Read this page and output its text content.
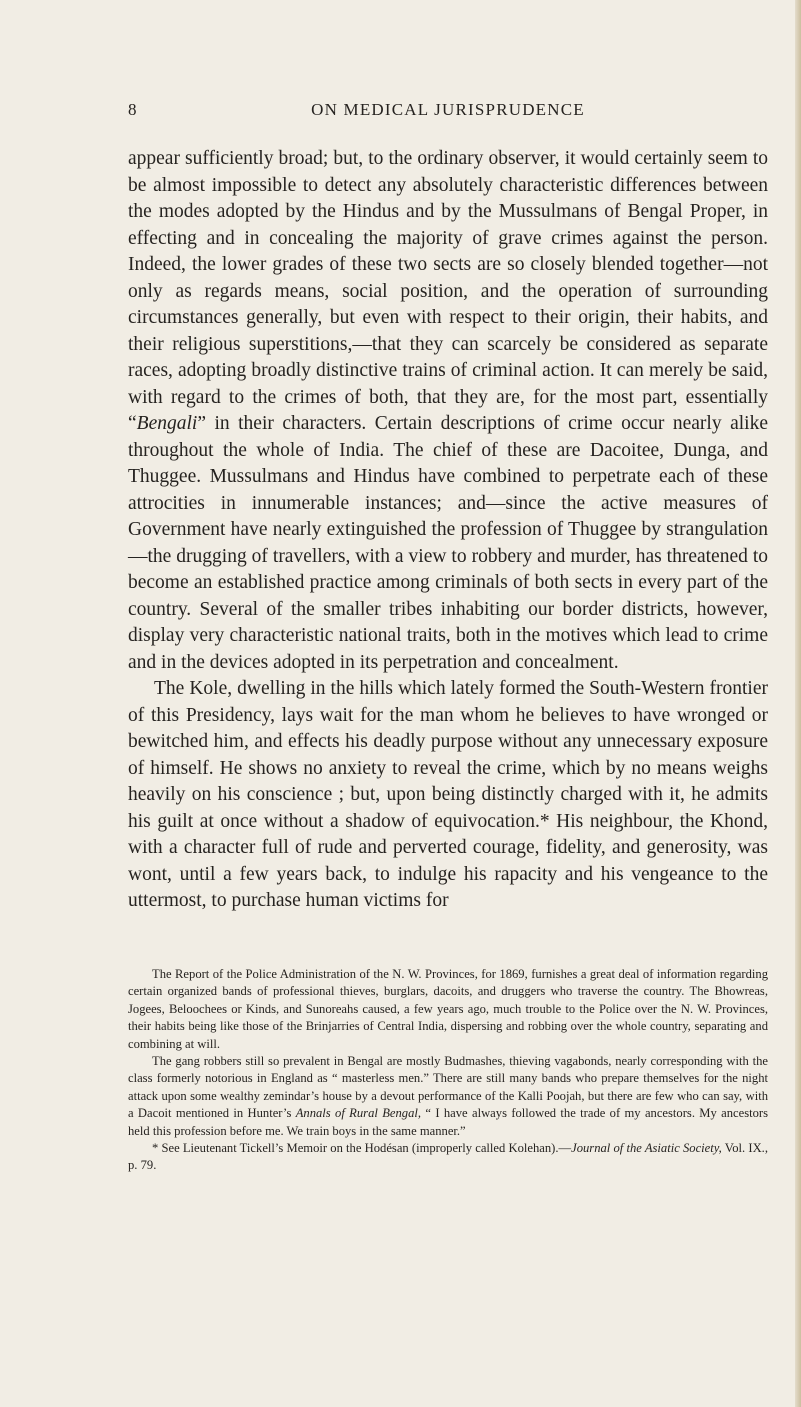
8	ON MEDICAL JURISPRUDENCE

appear sufficiently broad; but, to the ordinary observer, it would certainly seem to be almost impossible to detect any absolutely characteristic differences between the modes adopted by the Hindus and by the Mussulmans of Bengal Proper, in effecting and in concealing the majority of grave crimes against the person. Indeed, the lower grades of these two sects are so closely blended together—not only as regards means, social position, and the operation of surrounding circumstances generally, but even with respect to their origin, their habits, and their religious superstitions,—that they can scarcely be considered as separate races, adopting broadly distinctive trains of criminal action. It can merely be said, with regard to the crimes of both, that they are, for the most part, essentially “Bengali” in their characters. Certain descriptions of crime occur nearly alike throughout the whole of India. The chief of these are Dacoitee, Dunga, and Thuggee. Mussulmans and Hindus have combined to perpetrate each of these attrocities in innumerable instances; and—since the active measures of Government have nearly extinguished the profession of Thuggee by strangulation—the drugging of travellers, with a view to robbery and murder, has threatened to become an established practice among criminals of both sects in every part of the country. Several of the smaller tribes inhabiting our border districts, however, display very characteristic national traits, both in the motives which lead to crime and in the devices adopted in its perpetration and concealment.

The Kole, dwelling in the hills which lately formed the South-Western frontier of this Presidency, lays wait for the man whom he believes to have wronged or bewitched him, and effects his deadly purpose without any unnecessary exposure of himself. He shows no anxiety to reveal the crime, which by no means weighs heavily on his conscience ; but, upon being distinctly charged with it, he admits his guilt at once without a shadow of equivocation.* His neighbour, the Khond, with a character full of rude and perverted courage, fidelity, and generosity, was wont, until a few years back, to indulge his rapacity and his vengeance to the uttermost, to purchase human victims for

The Report of the Police Administration of the N. W. Provinces, for 1869, furnishes a great deal of information regarding certain organized bands of professional thieves, burglars, dacoits, and druggers who traverse the country. The Bhowreas, Jogees, Beloochees or Kinds, and Sunoreahs caused, a few years ago, much trouble to the Police over the N. W. Provinces, their habits being like those of the Brinjarries of Central India, dispersing and robbing over the whole country, separating and combining at will.

The gang robbers still so prevalent in Bengal are mostly Budmashes, thieving vagabonds, nearly corresponding with the class formerly notorious in England as “ masterless men.” There are still many bands who prepare themselves for the night attack upon some wealthy zemindar’s house by a devout performance of the Kalli Poojah, but there are few who can say, with a Dacoit mentioned in Hunter’s Annals of Rural Bengal, “ I have always followed the trade of my ancestors. My ancestors held this profession before me. We train boys in the same manner.”

* See Lieutenant Tickell’s Memoir on the Hodésan (improperly called Kolehan).—Journal of the Asiatic Society, Vol. IX., p. 79.
